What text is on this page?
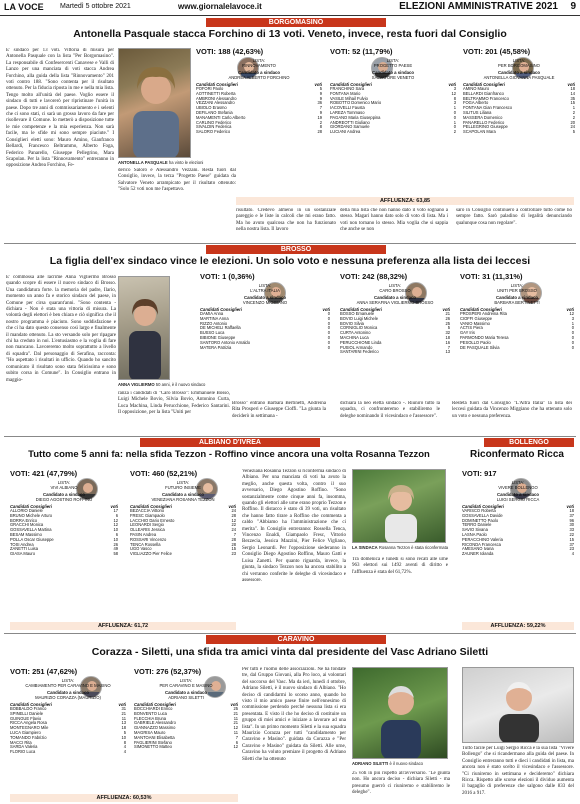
LA VOCE Martedì 5 ottobre 2021	www.giornalelavoce.it	ELEZIONI AMMINISTRATIVE 2021 9
BORGOMASINO
Antonella Pasquale stacca Forchino di 13 voti. Veneto, invece, resta fuori dal Consiglio
E' sindaco per 13 voti. Vittoria di misura per Antonella Pasquale con la lista "Per Borgomasino". La responsabile di Confesercenti Canavese e Valli di Lanzo per una manciata di voti stacca Andrea Forchino, alla guida della lista "Rinnovamento" 201 voti contro 188. "Sono contenta per il risultato ottenuto. Per la fiducia riposta in me e nella mia lista. Tengo molto all'unità del paese. Voglio essere il sindaco di tutti e lavorerò per ripristinare l'unità in paese. Dopo tre anni di commissariamento e i selenti che ci sono stati, ci sarà un grosso lavoro da fare per risollevare il Comune. Io metterò a disposizione tutte le mie competenze e la mia esperienza. Non sarà facile, ma le sfide mi sono sempre piaciute." I Consiglieri eletti sono: Mauro Amino, Gianfranco Bellardi, Francesco Beltrammo, Alberto Foga, Federico Panarello, Giuseppe Pellegrino, Mara Scapolan. Per la lista "Rinnovamento" entreranno in opposizione Andrea Forchino, Fe-
ANTONELLA PASQUALE ha vinto le elezioni
derico Saloro e Alessandro Vezzani. Resta fuori dal Consiglio, invece, la terza "Progetto Paese" guidata da Salvatore Veneto arrampicato per il risultato ottenuto: "Solo 52 voti non me l'aspettavo.
risultato. Credevo almeno in un sostanziale pareggio e le liste in calcoli che mi erano fatto. Ma ho avuto qualcosa che non ha funzionato nella nostra lista. Il lavoro
della mia lista che non hanno dato il voto sognano a stesso. Magari hanno dato solo di voto di lista. Ma i voti non tornano lo stesso. Mia voglia che si sappia che anche se non
sarò in Consiglio continuerò a controllare tutto come ho sempre fatto. Sarò paladino di legalità denunciando qualunque cosa non regolare".
VOTI: 188 (42,63%)
LISTA:
RINNOVAMENTO
Candidato a sindaco
ANDREA ALBERTO FORCHINO
Candidati Consiglieri	voti
POFORI Paolo	5
AOTTINETTI Roberta	9
AMBRONI Alessandro	9
VEZZANI Alessandro	36
UBIOLO Erasmo	7
DEFILANO Stefania	9
MANAMENTI Carlo Alberto	19
CARLINO Federico	2
SIVALDIN Federica	8
SALORO Federico	28
VOTI: 52 (11,79%)
LISTA:
PROGETTO PAESE
Candidato a sindaco
SALVATORE VENETO
Candidati Consiglieri	voti
FRANCHINO Sara	3
FONTANA Mario	12
VASILE Mihail Fulvio	8
ROBOTTO Domenico Mario	3
IACOVELLI Fausta	1
LAREZA Tommaso	0
PAGANO Maria Giuseppina	0
ANDREOTTI Giuliano	1
GIORDANO Samuele	0
LUCIANI Andrea	2
VOTI: 201 (45,58%)
LISTA:
PER BORGOMASINO
Candidato a sindaco
ANTONELLA GIOVANNA PASQUALE
Candidati Consiglieri	voti
AMINO Mauro	18
BELLARDI Gianfranco	14
BELTRAMMO Francesco	35
FOGA Alberto	15
FONTANA Gian Francesco	1
SILITUS Liliana	2
MASSERA Domenico	2
PANARELLO Federico	20
PELLEGRINO Giuseppe	24
SCAPOLAN Mara	5
AFFLUENZA: 63,85
BROSSO
La figlia dell'ex sindaco vince le elezioni. Un solo voto e nessuna preferenza alla lista dei leccesi
E' commossa alle lacrime Anna Vigliermo Brosso quando scopre di essere il nuovo sindaco di Brosso. Una candidatura forte. la memoria del padre, Ilario, momento un anno fa e storico sindaco del paese, in Comune per cirsa quarant'anni. "Sono contenta - dichiara - Non è stata una vittoria di misura. La volontà degli elettori è ben chiara e ciò significa che il nostro programma è piaciuto. Sono soddisfazione e che ci ha dato questo consenso così largo e finalmente il mandato ottenuto. La sto versando solo per ripagare chi ha creduto in noi. L'entusiasmo e la voglia di fare non mancano. Lavoreremo molto soprattutto a livello di squadra". Dal personaggio di Serafina, racconta: "Ho aspettato i risultati in ufficio. Quando ho sancito comunicato il risultato sono stata felicissima e sono subito corsa in Comune". In Consiglio entrano in maggio-
ANNA VIGLIERMO 50 anni, è il nuovo sindaco
ranza i candidati di "Caro Brosso": Emmanuele Bosso, Luigi Michele Bovio, Silvia Bovio, Antonino Curta, Luca Machina, Linda Perucchione, Federico Santarini. Il opposizione, per la lista "Uniti per
Brosso" entrano Barbara Bertinetti, Andreina Rita Prosperi e Giuseppe Cioffi. "La giunta la deciderò in settimana -
dichiara la neo eletta sindaco -. Riunirò tutto la squadra, ci confronteremo e stabiliremo le deleghe nominando il vicesindaco e l'assessore".
Restetà fuori dal Consiglio "L'Altra Italia" la lista dei leccesi guidata da Vincenzo Miggiano che ha ottenuto solo un voto e nessuna preferenza.
VOTI: 1 (0,36%)
LISTA:
L'ALTRA ITALIA
Candidato a sindaco
VINCENZO MIGGIANO
Candidati Consiglieri	voti
DAMIA Anna	0
MARTINA Anna	0
RIZZO Antonio	0
DE MICHELI Raffaella	0
BUSSO Luca	0
BIBIONE Giuseppe	0
SANTORO Antonio Arnaldo	0
MATERA Patrizia	0
VOTI: 242 (88,32%)
LISTA:
CARO BROSSO
Candidato a sindaco
ANNA SERAFINA VIGLIERMO BROSSO
Candidati Consiglieri	voti
BOSSO Emanuele	21
BOVIO Luigi Michele	26
BOVIO Silvia	25
CORNIGLIO Monica	5
CURTA Antonino	32
MACHINA Luca	18
PERUCCHIONE Linda	16
PUSIOL Armando	7
SANTARINI Federico	13
VOTI: 31 (11,31%)
LISTA:
UNITI PER BROSSO
Candidato a sindaco
BARBARA BERTINETTI
Candidati Consiglieri	voti
PROSPERI Andreina Rita	12
CIOFFI Giuseppe	3
VANIO Massimo	1
ACTIS Piera	0
GAY Iris	0
PARMONDO Maria Teresa	0
PESOLLO Paolo	0
DE PASQUALE Silvia	0
ALBIANO D'IVREA
Tutto come 5 anni fa: nella sfida Tezzon - Roffino vince ancora una volta Rosanna Tezzon
VOTI: 421 (47,79%)
LISTA:
VIVI ALBIANO
Candidato a sindaco
DIEGO AGOSTINO ROFFINO
Candidati Consiglieri	voti
ALLORIO Daniele	17
BRUNO Michele Arturo	6
BORRA Enrico	12
GRACCHI Monica	12
GOSSAVELLA Martina	10
BESAM Massimo	6
POLLA Oscar Giuseppe	10
TOSI Andrea	26
ZANETTI Luisa	49
GIASA Mauro	58
VOTI: 460 (52,21%)
LISTA:
FUTURO INSIEME
Candidato a sindaco
VENEZIANA ROSANNA TEZZON
Candidati Consiglieri	voti
BEZACCIA Vittorio	24
FRESC Giampaolo	28
LACCHIO Dario Ernesto	12
LEONARDI Sergio	22
OLLEARIS Jessica	24
PASIN Andrea	7
ROSSARI Vincenzo	28
TENCA Rossella	28
UGO Vasco	15
VIGLIAZZO Pier Felice	23
AFFLUENZA: 61,72
Veneziana Rosanna Tezzon si riconferma sindaco di Albiano. Per una manciata di voti ha avuto la meglio, anche questa volta, contro il suo avversario, Diego Agostino Roffino. "Sono sostanzialmente come cinque anni fa, insomma, quando gli elettori alle urne erano proprio Tezzon e Roffino. Il distacco è stato di 39 voti, un risultato che hanno fatto tirare a Roffino che commenta a caldo "Abbiamo ha l'amministrazione che ci merita". In Consiglio entreranno: Rossella Tenca, Vincenzo Enaldi, Giampaolo Fresc, Vittorio Bezzecia, Jessica Mazzini, Pier Felice Vigliano, Sergio Leonardi. Per l'opposizione siederanno in Consiglio Diego Agostino Roffino, Mauro Gatti e Luisa Zanetti. Per quanto riguarda, invece, la giunta, la sindaco Tezzon non ha ancora stabilito a chi verranno conferite le deleghe di vicesindaco e assessore.
LA SINDACA Rosanna Tezzon è stata riconfermata
Tra domenica e lunedì si sono recati alle urne 963 elettori sui 1492 aventi di diritto e l'affluenza è stata del 61,72%.
BOLLENGO
Riconfermato Ricca
VOTI: 917
LISTA:
VIVERE BOLLENGO
Candidato a sindaco
LUIGI SERGIO RICCA
Candidati Consiglieri	voti
VARISCO Roberta	18
GOSSAVELLA Davide	37
DOMINETTO Paolo	96
TERRO Daniele	30
SAVIO Sivana	33
LASNA Paolo	22
PERACCHINO Valeria	15
RICONDA Francesca	37
AMESANO Ivana	23
ZAUNER Iolanda	4
AFFLUENZA: 59,22%
CARAVINO
Corazza - Siletti, una sfida tra amici vinta dal presidente del Vasc Adriano Siletti
VOTI: 251 (47,62%)
LISTA:
CAMBIAMENTO PER CARAVINO E MASINO
Candidato a sindaco
MAURIZIO CORAZZA (MAURIZIO)
Candidati Consiglieri	voti
BOBBALDO Franco	31
SPINELLI Daniele	21
GUINGUE Flavio	11
RICCA Angela Rosa	13
MONTEGNARO Mile	18
LUCA Giampiero	5
TOMANDO Fabrizio	10
MACCI Rita	8
SARDA Valeria	4
FLORIO Luca	4
VOTI: 276 (52,37%)
LISTA:
PER CARAVINO E MASINO
Candidato a sindaco
ADRIANO SILETTI
Candidati Consiglieri	voti
BOCCHIARDI Enrico	25
BONVENTO Luca	21
FLECCHIA Bruna	11
GABRIELE Alessandro	21
GIANNAZZO Massimo	12
MAGRISA Mauro	11
MANTOANI Elisabetta	7
PAGLIERINI Stefano	6
SIMONETTO Matteo	12
AFFLUENZA: 60,53%
Per tutti è l'uomo delle associazioni. Ne ha fondate tre, dal Gruppo Giovani, alla Pro loco, ai volontari del soccorso del Vasc. Ma da ieri, lunedì 4 ottobre, Adriano Siletti, è il nuovo sindaco di Albiano. "Ho deciso di candidarmi lo scorso anno, quando ho visto il mio amico paese finire nell'ennesimo di commissione perdendo perché nessuna lista si era presentata. E visto il che ho deciso di costituire un gruppo di miei amici e iniziare a lavorare ad una lista". In un primo momento Siletti e la sua squadra Maurizio Corazza per tutti "candidamento per Caravino e Masino". guidata da Corazza e "Per Caravino e Masino" guidata da Siletti. Alle urne, Caravino ha voluto premiare il progetto di Adriano Siletti che ha ottenuto
ADRIANO SILETTI è il nuovo sindaco
25 voti in più rispetto all'avversario. "Le giunta non. Ho ancora deciso - dichiara Siletti - ma presumo guerrò ci riuniremo e stabiliremo le deleghe".
Tutto facile per Luigi Sergio Ricca e la sua lista "Vivere Bollengo" che si ricandermano alla guida del paese. In Consiglio entreranno tutti e dieci i candidati in lista, ma ancora non è stato scelto il vicesindaco e l'assessore. "Ci riuniremo in settimana e decideremo" dichiara Ricca. Rispetto alle scorse elezioni il dividuo aumenta il bagaglio di preferenze che salgono dalle 833 del 2016 a 917.
